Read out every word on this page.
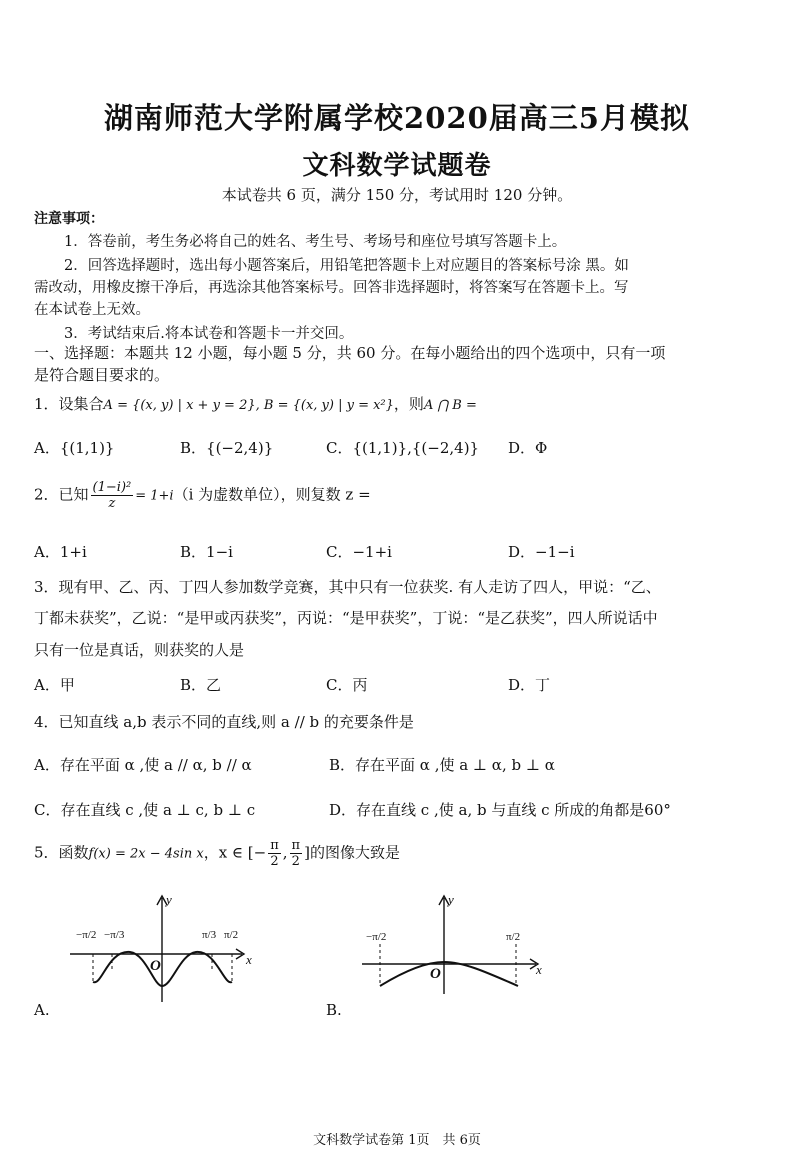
湖南师范大学附属学校2020届高三5月模拟
文科数学试题卷
本试卷共 6 页，满分 150 分，考试用时 120 分钟。
注意事项：
1．答卷前，考生务必将自己的姓名、考生号、考场号和座位号填写答题卡上。
2．回答选择题时，选出每小题答案后，用铅笔把答题卡上对应题目的答案标号涂 黑。如
需改动，用橡皮擦干净后，再选涂其他答案标号。回答非选择题时，将答案写在答题卡上。写
在本试卷上无效。
3．考试结束后.将本试卷和答题卡一并交回。
一、选择题：本题共 12 小题，每小题 5 分，共 60 分。在每小题给出的四个选项中，只有一项
是符合题目要求的。
1．设集合A = {(x, y) | x + y = 2}, B = {(x, y) | y = x²}，则A ⋂ B =
A．{(1,1)}	B．{(−2,4)}	C．{(1,1)},{(−2,4)} D．Φ
2．已知 $\frac{\text{(1−i)²}}{z} = 1+i(i$ 为虚数单位），则复数 z =
A．1+i	B．1−i	C．−1+i	D．−1−i
3．现有甲、乙、丙、丁四人参加数学竞赛，其中只有一位获奖. 有人走访了四人，甲说：“乙、
丁都未获奖”，乙说：“是甲或丙获奖”，丙说：“是甲获奖”，丁说：“是乙获奖”，四人所说话中
只有一位是真话，则获奖的人是
A．甲	B．乙	C．丙	D．丁
4．已知直线 a,b 表示不同的直线,则 a // b 的充要条件是
A．存在平面 α ,使 a // α, b // α	B．存在平面 α ,使 a ⊥ α, b ⊥ α
C．存在直线 c ,使 a ⊥ c, b ⊥ c	D．存在直线 c ,使 a, b 与直线 c 所成的角都是60°
5．函数f(x) = 2x − 4sin x，x ∈ [− $\frac{\pi}{2}$ , $\frac{\pi}{2}$ ]的图像大致是
y
x
O
−π/2 −π/3	π/3 π/2
A.
y
x
O
−π/2	π/2
B.
文科数学试卷第 1页　共 6页
